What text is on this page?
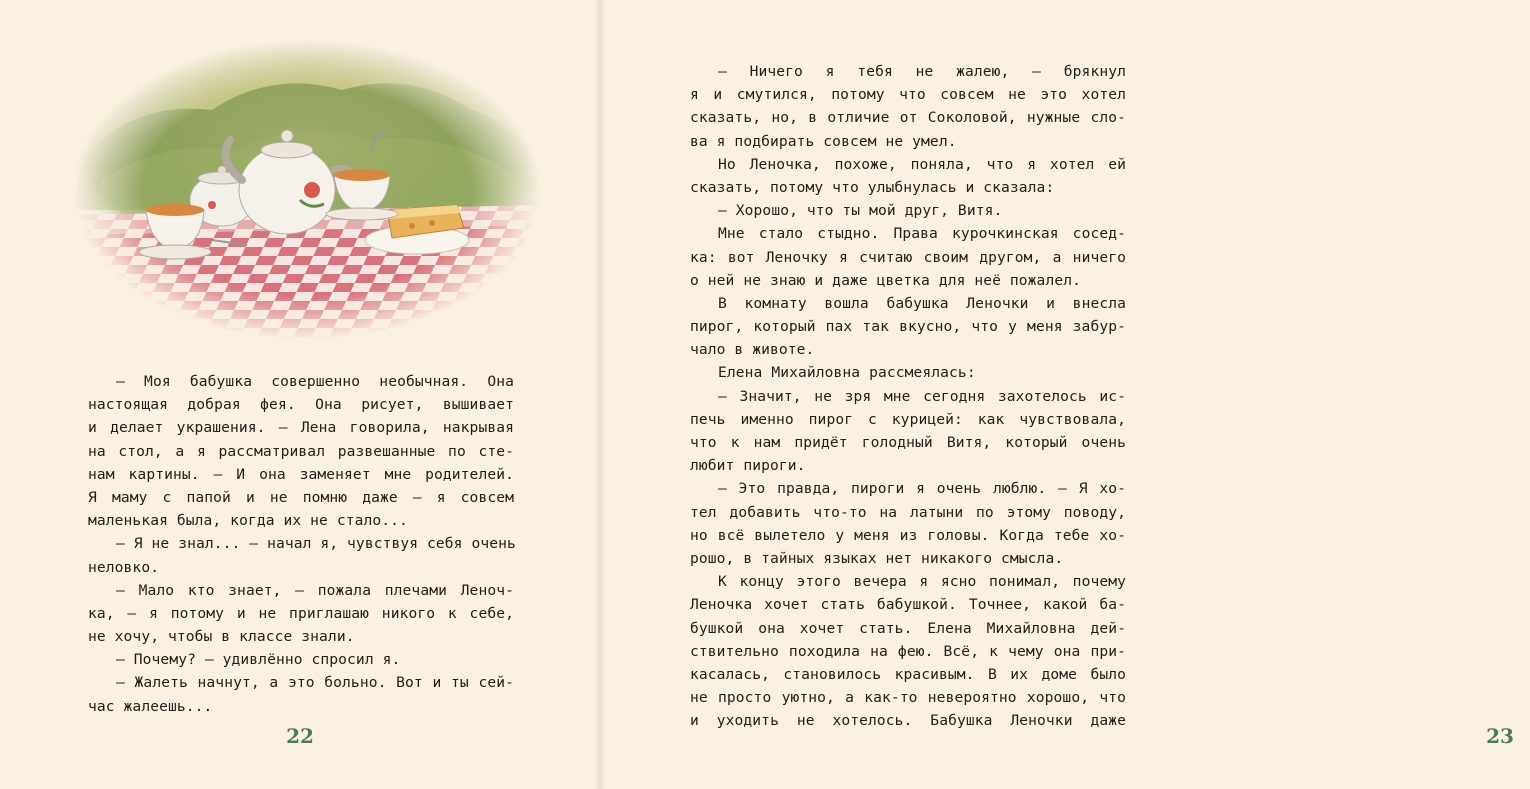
— Моя бабушка совершенно необычная. Она
настоящая добрая фея. Она рисует, вышивает
и делает украшения. — Лена говорила, накрывая
на стол, а я рассматривал развешанные по сте-
нам картины. — И она заменяет мне родителей.
Я маму с папой и не помню даже — я совсем
маленькая была, когда их не стало...
— Я не знал... — начал я, чувствуя себя очень
неловко.
— Мало кто знает, — пожала плечами Леноч-
ка, — я потому и не приглашаю никого к себе,
не хочу, чтобы в классе знали.
— Почему? — удивлённо спросил я.
— Жалеть начнут, а это больно. Вот и ты сей-
час жалеешь...
22
— Ничего я тебя не жалею, — брякнул
я и смутился, потому что совсем не это хотел
сказать, но, в отличие от Соколовой, нужные сло-
ва я подбирать совсем не умел.
Но Леночка, похоже, поняла, что я хотел ей
сказать, потому что улыбнулась и сказала:
— Хорошо, что ты мой друг, Витя.
Мне стало стыдно. Права курочкинская сосед-
ка: вот Леночку я считаю своим другом, а ничего
о ней не знаю и даже цветка для неё пожалел.
В комнату вошла бабушка Леночки и внесла
пирог, который пах так вкусно, что у меня забур-
чало в животе.
Елена Михайловна рассмеялась:
— Значит, не зря мне сегодня захотелось ис-
печь именно пирог с курицей: как чувствовала,
что к нам придёт голодный Витя, который очень
любит пироги.
— Это правда, пироги я очень люблю. — Я хо-
тел добавить что-то на латыни по этому поводу,
но всё вылетело у меня из головы. Когда тебе хо-
рошо, в тайных языках нет никакого смысла.
К концу этого вечера я ясно понимал, почему
Леночка хочет стать бабушкой. Точнее, какой ба-
бушкой она хочет стать. Елена Михайловна дей-
ствительно походила на фею. Всё, к чему она при-
касалась, становилось красивым. В их доме было
не просто уютно, а как-то невероятно хорошо, что
и уходить не хотелось. Бабушка Леночки даже
23
